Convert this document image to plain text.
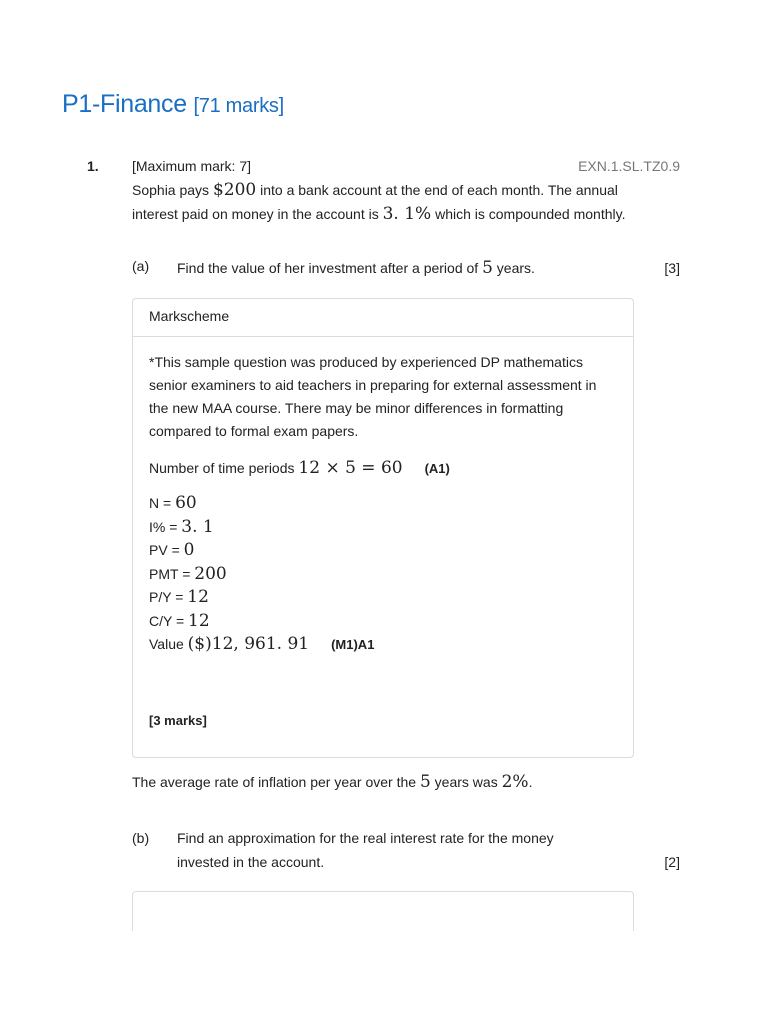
P1-Finance [71 marks]
1. [Maximum mark: 7]	EXN.1.SL.TZ0.9
Sophia pays $200 into a bank account at the end of each month. The annual interest paid on money in the account is 3. 1% which is compounded monthly.
(a) Find the value of her investment after a period of 5 years.	[3]
Markscheme

*This sample question was produced by experienced DP mathematics senior examiners to aid teachers in preparing for external assessment in the new MAA course. There may be minor differences in formatting compared to formal exam papers.

Number of time periods 12 × 5 = 60 (A1)

N = 60
I% = 3. 1
PV = 0
PMT = 200
P/Y = 12
C/Y = 12
Value ($)12, 961. 91 (M1)A1
[3 marks]
The average rate of inflation per year over the 5 years was 2%.
(b) Find an approximation for the real interest rate for the money
invested in the account.	[2]
